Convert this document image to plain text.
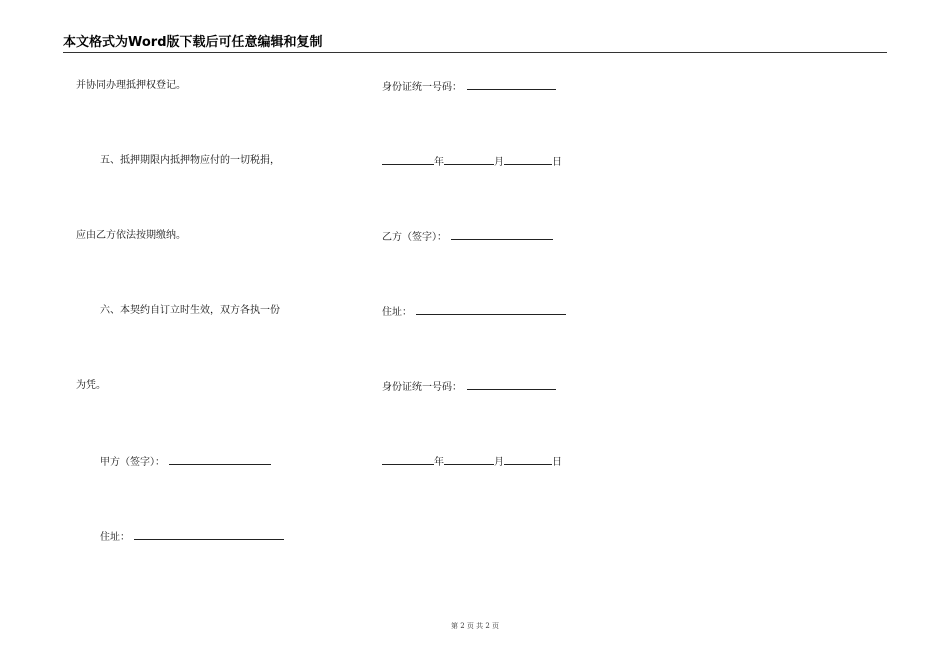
本文格式为Word版下载后可任意编辑和复制
并协同办理抵押权登记。
五、抵押期限内抵押物应付的一切税捐，
应由乙方依法按期缴纳。
六、本契约自订立时生效，双方各执一份
为凭。
甲方（签字）：
住址：
身份证统一号码：
年	月	日
乙方（签字）：
住址：
身份证统一号码：
年	月	日
第 2 页 共 2 页
